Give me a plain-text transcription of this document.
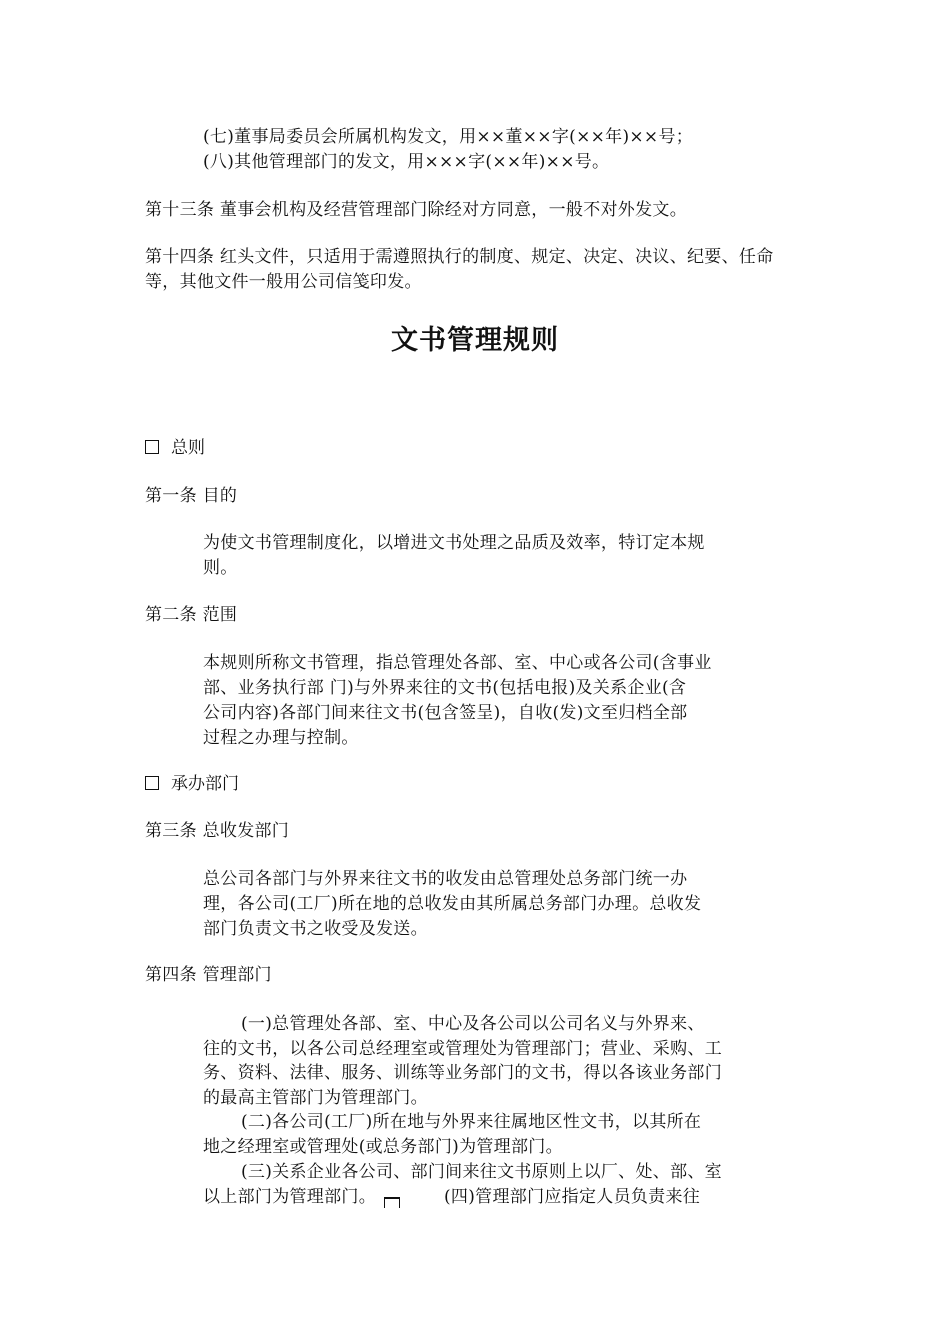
(七)董事局委员会所属机构发文，用××董××字(××年)××号；
(八)其他管理部门的发文，用×××字(××年)××号。
第十三条 董事会机构及经营管理部门除经对方同意，一般不对外发文。
第十四条 红头文件，只适用于需遵照执行的制度、规定、决定、决议、纪要、任命
等，其他文件一般用公司信笺印发。
文书管理规则
总则
第一条 目的
为使文书管理制度化，以增进文书处理之品质及效率，特订定本规
则。
第二条 范围
本规则所称文书管理，指总管理处各部、室、中心或各公司(含事业
部、业务执行部 门)与外界来往的文书(包括电报)及关系企业(含
公司内容)各部门间来往文书(包含签呈)，自收(发)文至归档全部
过程之办理与控制。
承办部门
第三条 总收发部门
总公司各部门与外界来往文书的收发由总管理处总务部门统一办
理，各公司(工厂)所在地的总收发由其所属总务部门办理。总收发
部门负责文书之收受及发送。
第四条 管理部门
(一)总管理处各部、室、中心及各公司以公司名义与外界来、
往的文书，以各公司总经理室或管理处为管理部门；营业、采购、工
务、资料、法律、服务、训练等业务部门的文书，得以各该业务部门
的最高主管部门为管理部门。
(二)各公司(工厂)所在地与外界来往属地区性文书，以其所在
地之经理室或管理处(或总务部门)为管理部门。
(三)关系企业各公司、部门间来往文书原则上以厂、处、部、室
以上部门为管理部门。	(四)管理部门应指定人员负责来往
